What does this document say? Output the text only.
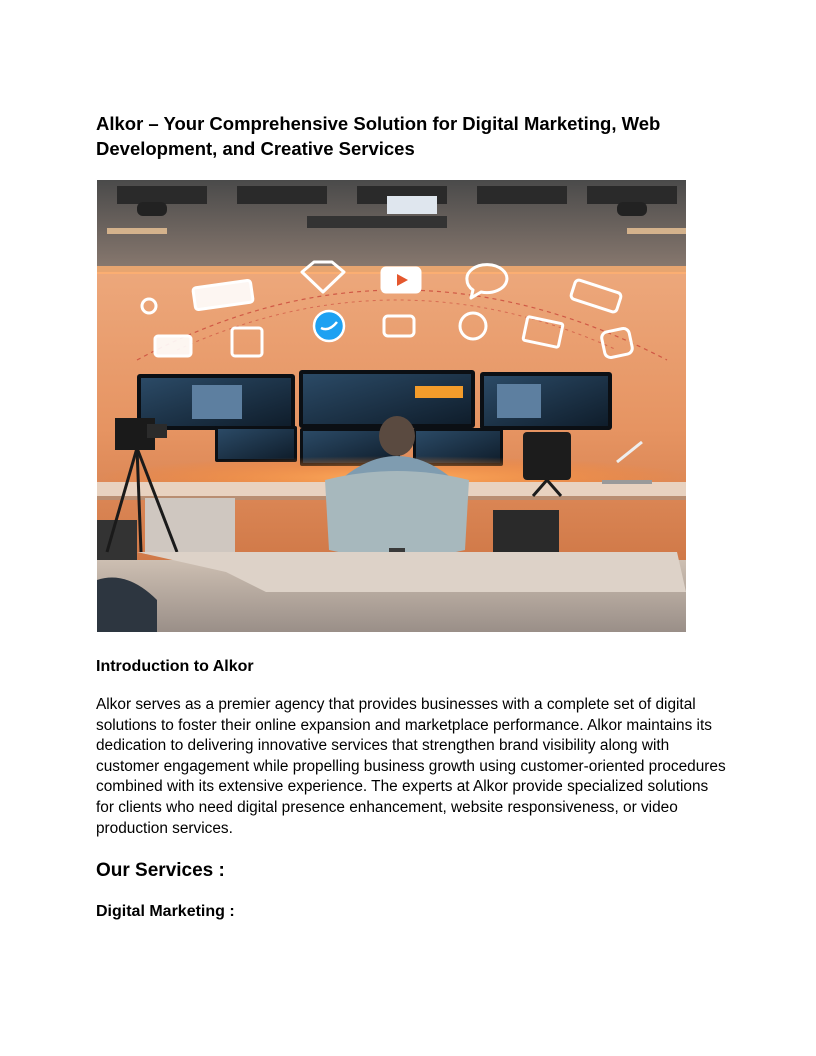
Alkor – Your Comprehensive Solution for Digital Marketing, Web Development, and Creative Services
Introduction to Alkor

Alkor serves as a premier agency that provides businesses with a complete set of digital solutions to foster their online expansion and marketplace performance. Alkor maintains its dedication to delivering innovative services that strengthen brand visibility along with customer engagement while propelling business growth using customer-oriented procedures combined with its extensive experience. The experts at Alkor provide specialized solutions for clients who need digital presence enhancement, website responsiveness, or video production services.

Our Services :
Digital Marketing :
